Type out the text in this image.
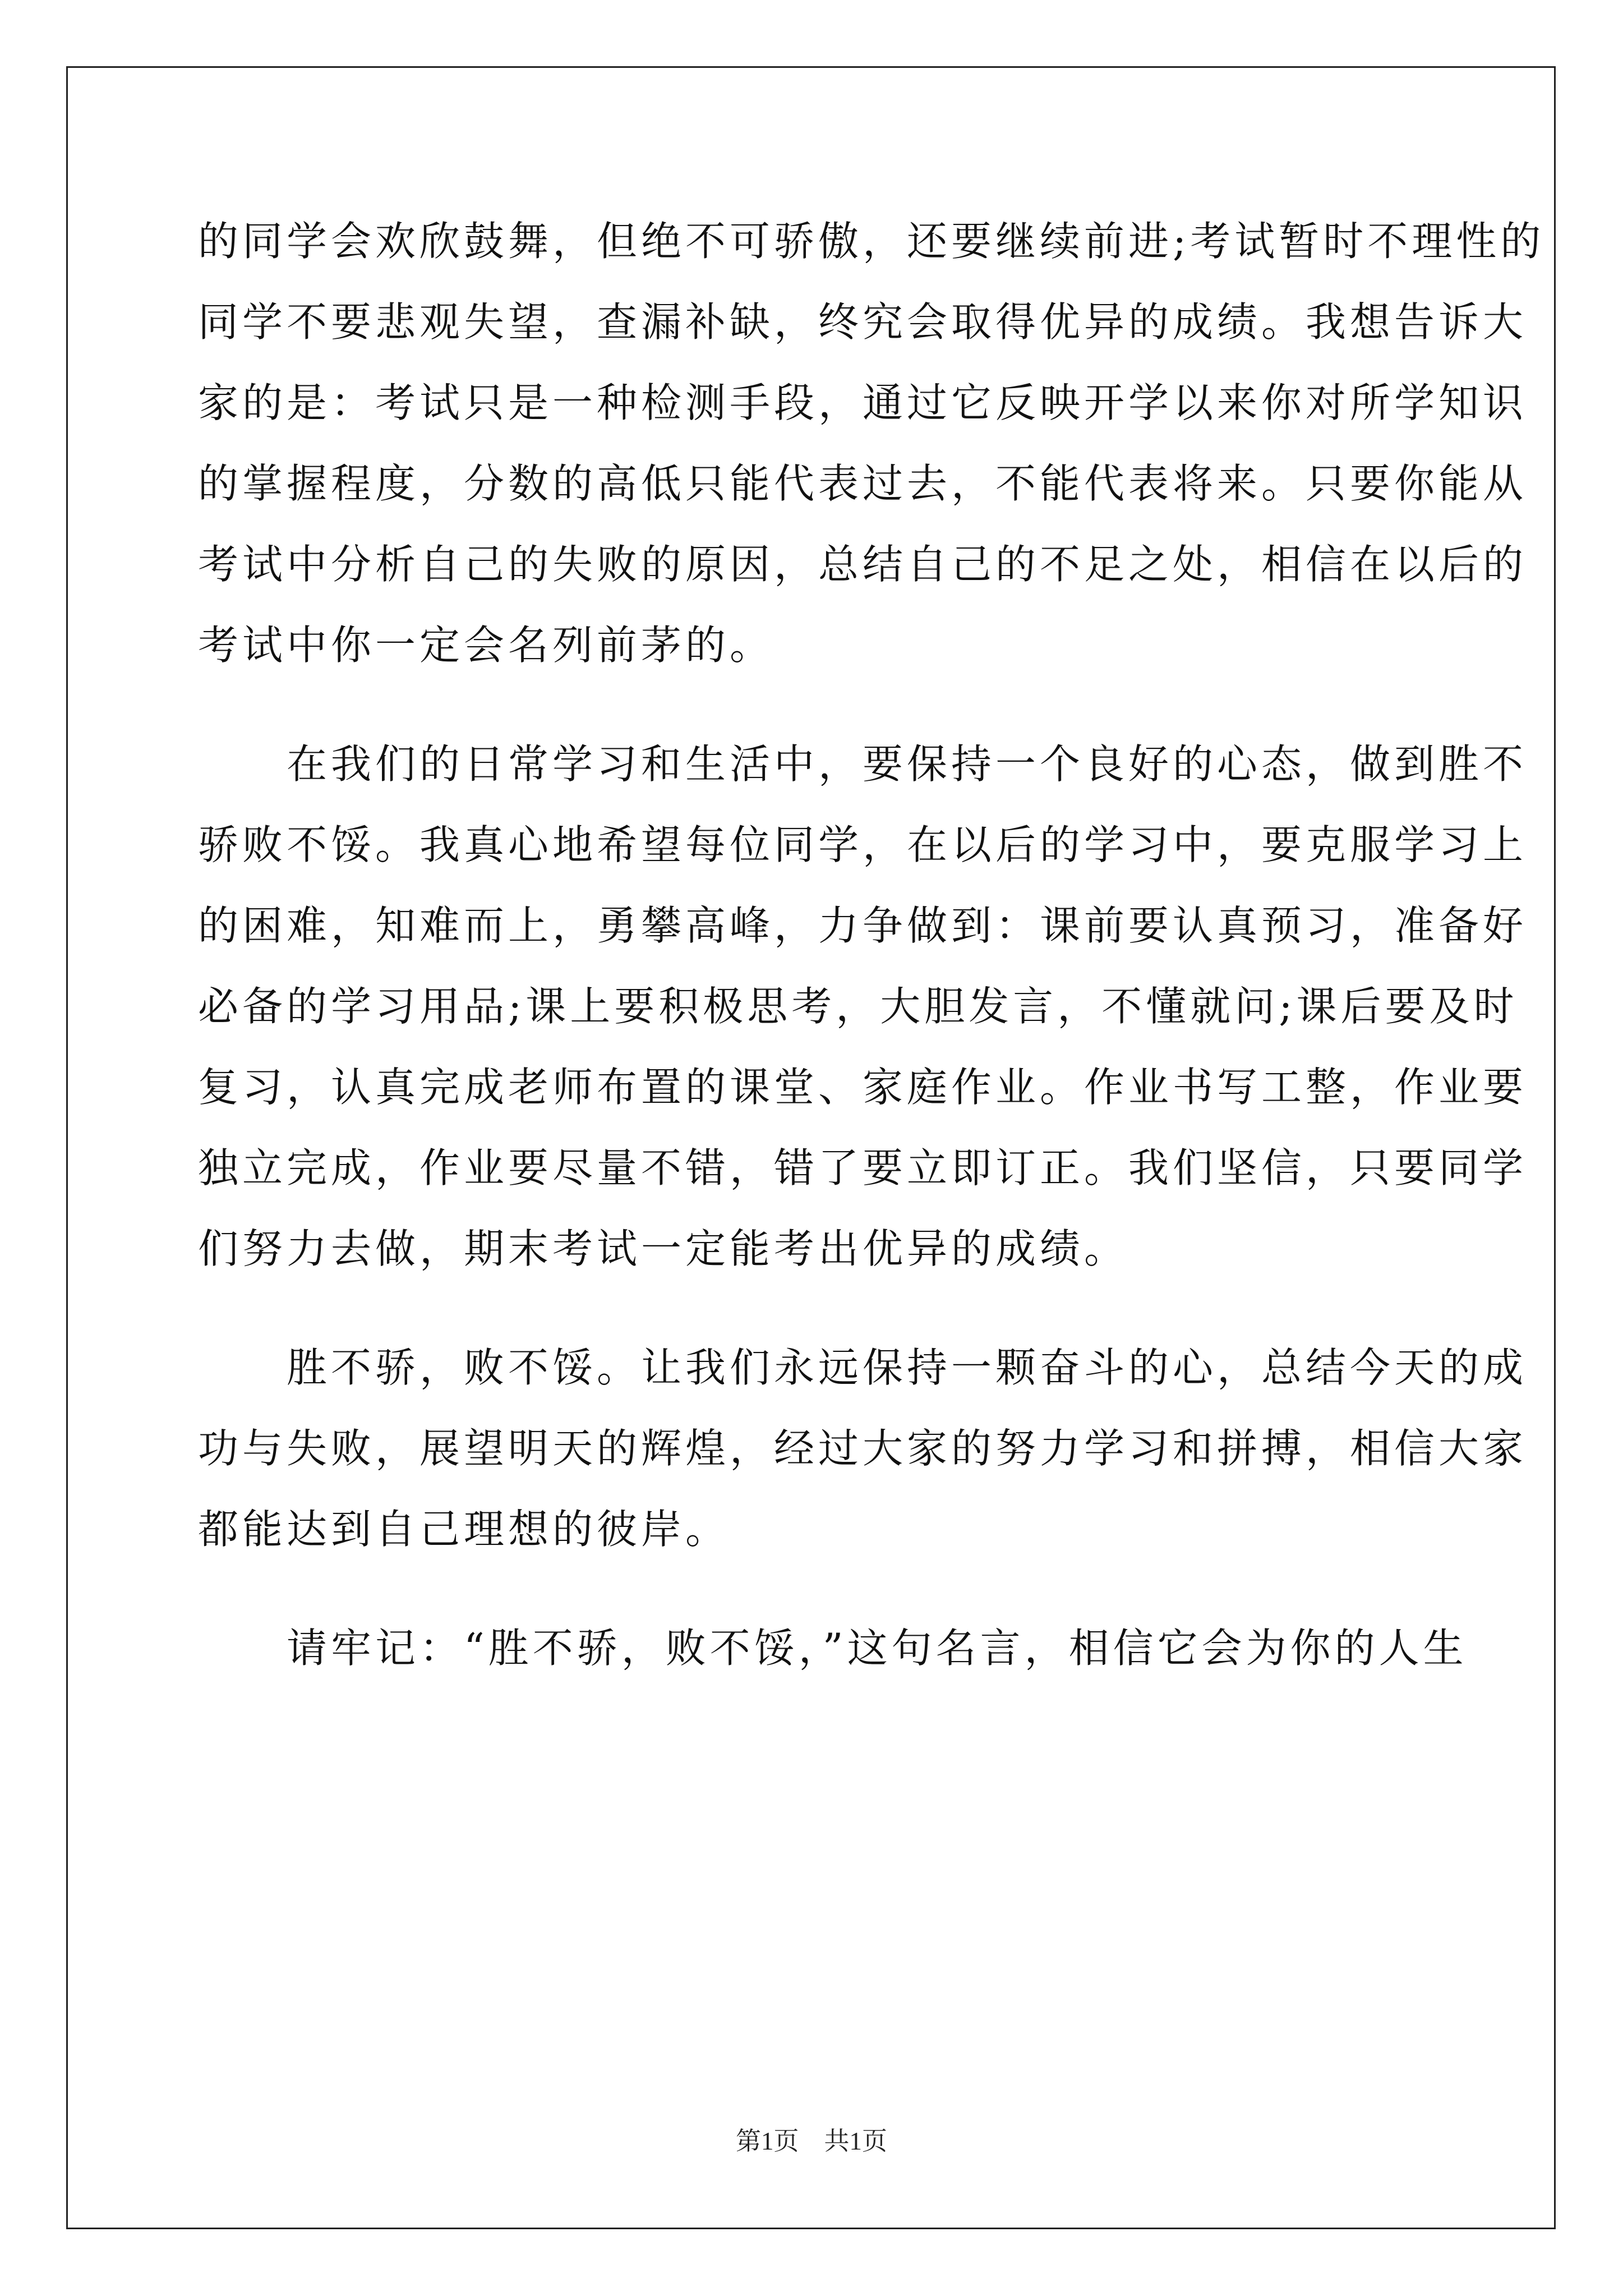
的同学会欢欣鼓舞，但绝不可骄傲，还要继续前进;考试暂时不理性的
同学不要悲观失望，查漏补缺，终究会取得优异的成绩。我想告诉大
家的是：考试只是一种检测手段，通过它反映开学以来你对所学知识
的掌握程度，分数的高低只能代表过去，不能代表将来。只要你能从
考试中分析自己的失败的原因，总结自己的不足之处，相信在以后的
考试中你一定会名列前茅的。
　　在我们的日常学习和生活中，要保持一个良好的心态，做到胜不
骄败不馁。我真心地希望每位同学，在以后的学习中，要克服学习上
的困难，知难而上，勇攀高峰，力争做到：课前要认真预习，准备好
必备的学习用品;课上要积极思考，大胆发言，不懂就问;课后要及时
复习，认真完成老师布置的课堂、家庭作业。作业书写工整，作业要
独立完成，作业要尽量不错，错了要立即订正。我们坚信，只要同学
们努力去做，期末考试一定能考出优异的成绩。
　　胜不骄，败不馁。让我们永远保持一颗奋斗的心，总结今天的成
功与失败，展望明天的辉煌，经过大家的努力学习和拼搏，相信大家
都能达到自己理想的彼岸。
　　请牢记：“胜不骄，败不馁，”这句名言，相信它会为你的人生
第1页　共1页
